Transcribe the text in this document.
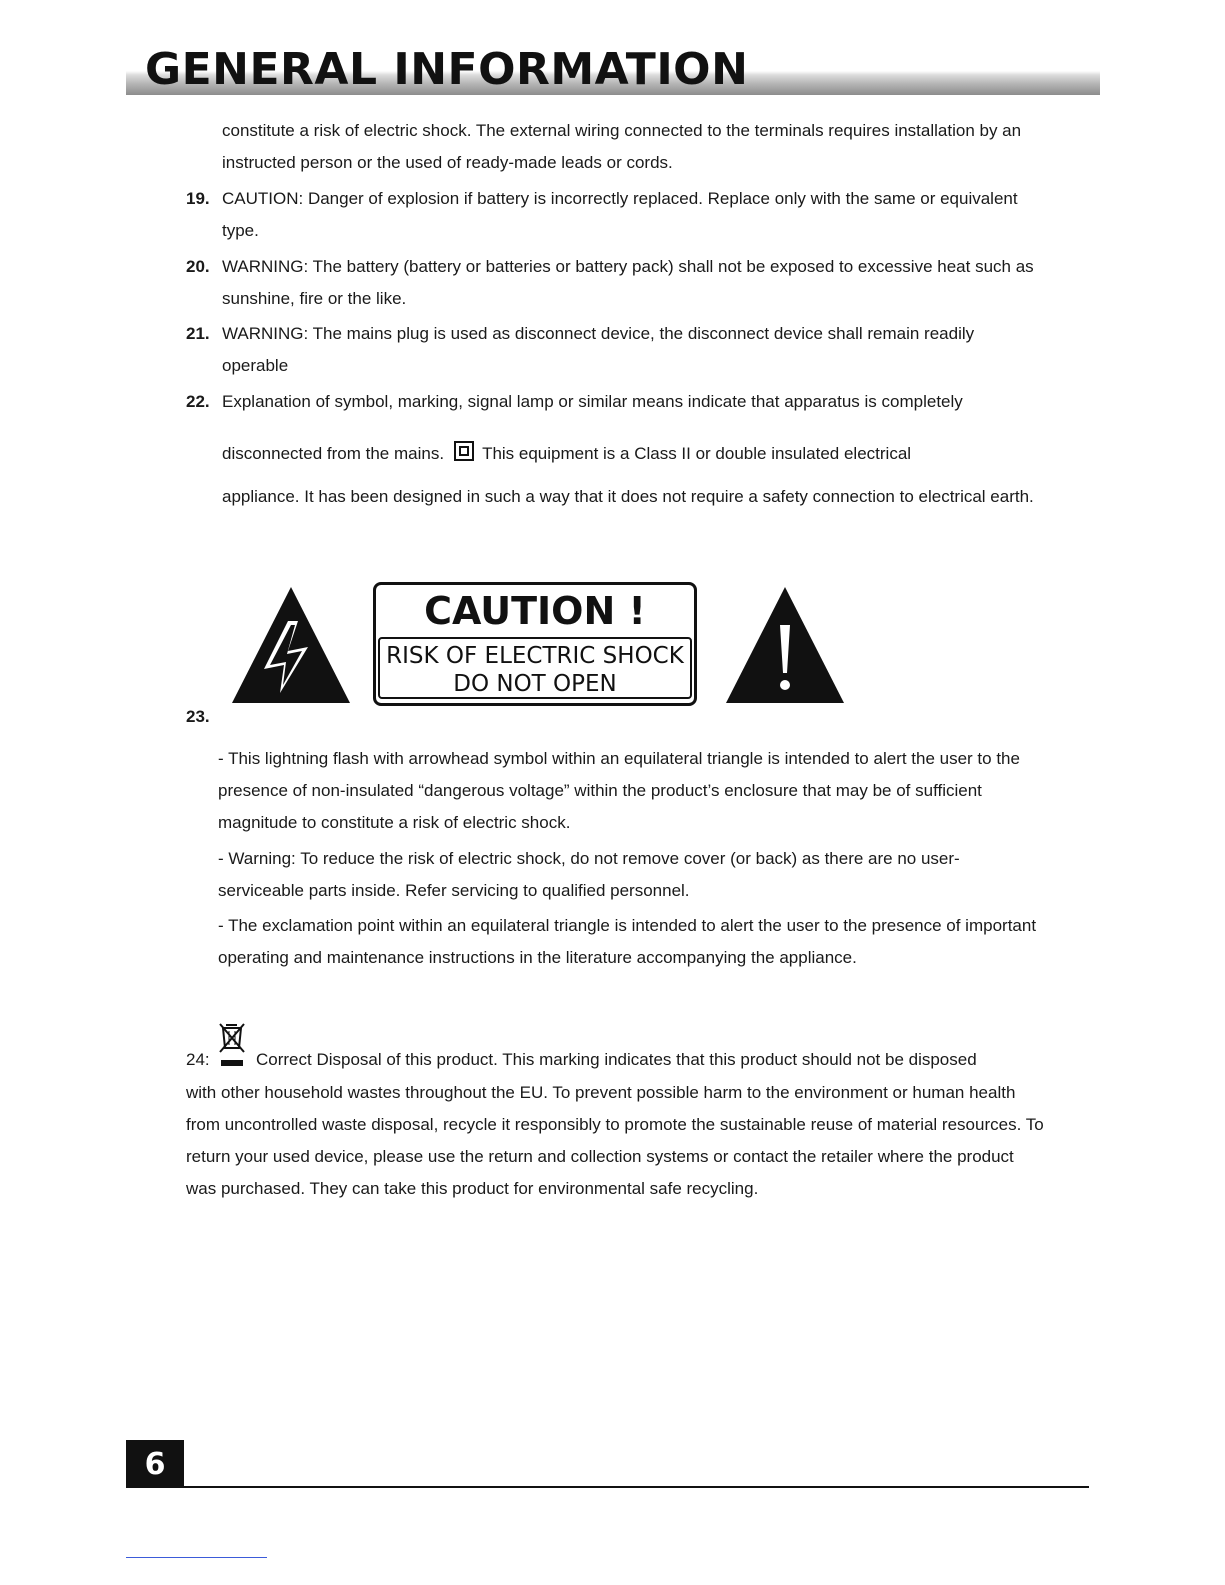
GENERAL INFORMATION

constitute a risk of electric shock. The external wiring connected to the terminals requires installation by an instructed person or the used of ready-made leads or cords.

19. CAUTION: Danger of explosion if battery is incorrectly replaced. Replace only with the same or equivalent type.

20. WARNING: The battery (battery or batteries or battery pack) shall not be exposed to excessive heat such as sunshine, fire or the like.

21. WARNING: The mains plug is used as disconnect device, the disconnect device shall remain readily operable

22. Explanation of symbol, marking, signal lamp or similar means indicate that apparatus is completely

disconnected from the mains. This equipment is a Class II or double insulated electrical

appliance. It has been designed in such a way that it does not require a safety connection to electrical earth.

CAUTION !
RISK OF ELECTRIC SHOCK
DO NOT OPEN
23.

- This lightning flash with arrowhead symbol within an equilateral triangle is intended to alert the user to the presence of non-insulated “dangerous voltage” within the product’s enclosure that may be of sufficient magnitude to constitute a risk of electric shock.

- Warning: To reduce the risk of electric shock, do not remove cover (or back) as there are no user-serviceable parts inside. Refer servicing to qualified personnel.

- The exclamation point within an equilateral triangle is intended to alert the user to the presence of important operating and maintenance instructions in the literature accompanying the appliance.

24:	Correct Disposal of this product. This marking indicates that this product should not be disposed

with other household wastes throughout the EU. To prevent possible harm to the environment or human health from uncontrolled waste disposal, recycle it responsibly to promote the sustainable reuse of material resources. To return your used device, please use the return and collection systems or contact the retailer where the product was purchased. They can take this product for environmental safe recycling.

6
